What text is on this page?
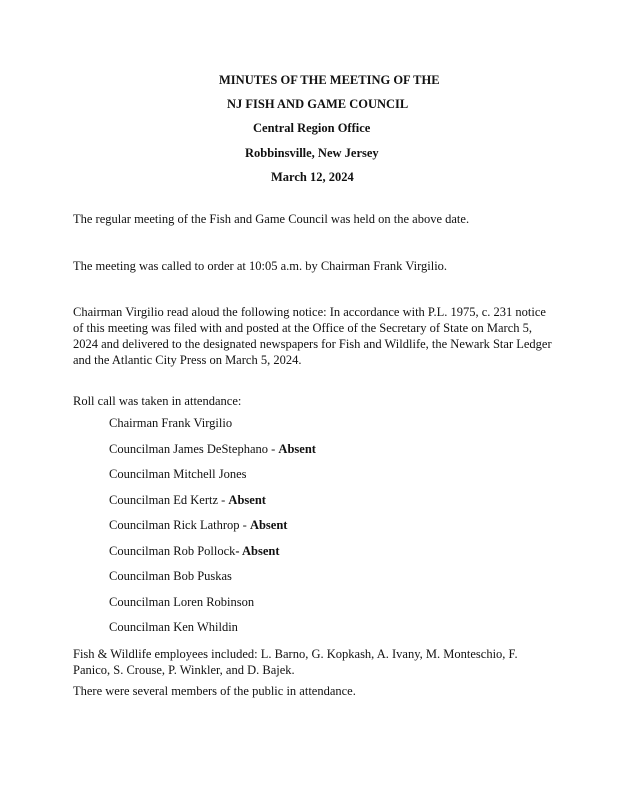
MINUTES OF THE MEETING OF THE
NJ FISH AND GAME COUNCIL
Central Region Office
Robbinsville, New Jersey
March 12, 2024

The regular meeting of the Fish and Game Council was held on the above date.

The meeting was called to order at 10:05 a.m. by Chairman Frank Virgilio.

Chairman Virgilio read aloud the following notice: In accordance with P.L. 1975, c. 231 notice of this meeting was filed with and posted at the Office of the Secretary of State on March 5, 2024 and delivered to the designated newspapers for Fish and Wildlife, the Newark Star Ledger and the Atlantic City Press on March 5, 2024.

Roll call was taken in attendance:

Chairman Frank Virgilio
Councilman James DeStephano - Absent
Councilman Mitchell Jones
Councilman Ed Kertz - Absent
Councilman Rick Lathrop - Absent
Councilman Rob Pollock- Absent
Councilman Bob Puskas
Councilman Loren Robinson
Councilman Ken Whildin

Fish & Wildlife employees included: L. Barno, G. Kopkash, A. Ivany, M. Monteschio, F. Panico, S. Crouse, P. Winkler, and D. Bajek.

There were several members of the public in attendance.
